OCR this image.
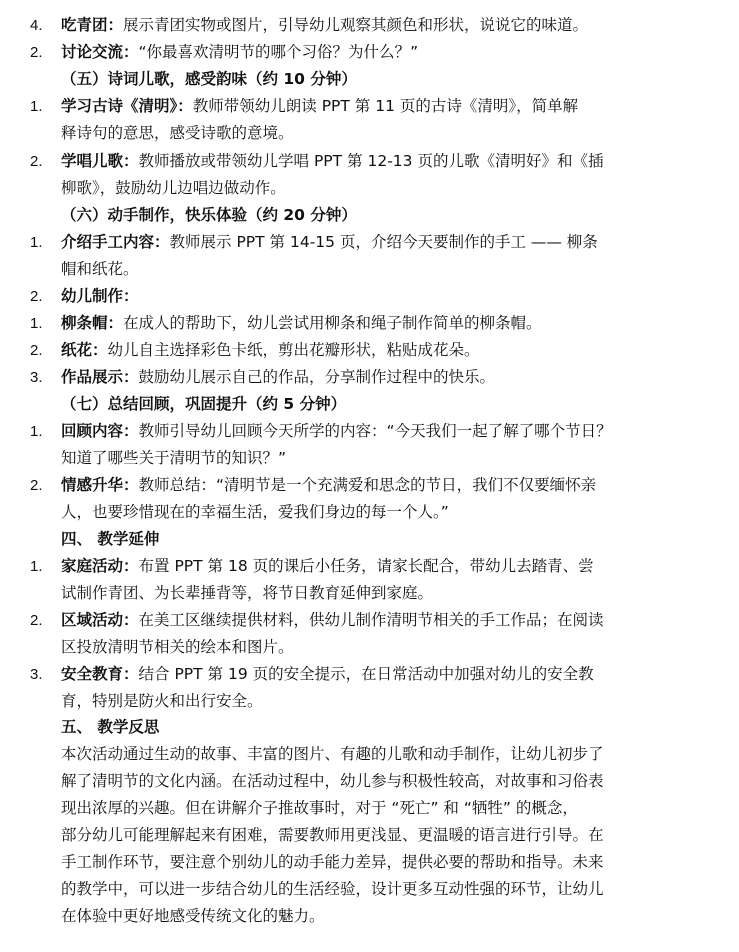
4.	吃青团：展示青团实物或图片，引导幼儿观察其颜色和形状，说说它的味道。
2.	讨论交流：“你最喜欢清明节的哪个习俗？为什么？”
（五）诗词儿歌，感受韵味（约 10 分钟）
1.	学习古诗《清明》：教师带领幼儿朗读 PPT 第 11 页的古诗《清明》，简单解
释诗句的意思，感受诗歌的意境。
2.	学唱儿歌：教师播放或带领幼儿学唱 PPT 第 12-13 页的儿歌《清明好》和《插
柳歌》，鼓励幼儿边唱边做动作。
（六）动手制作，快乐体验（约 20 分钟）
1.	介绍手工内容：教师展示 PPT 第 14-15 页，介绍今天要制作的手工 —— 柳条
帽和纸花。
2.	幼儿制作：
1.	柳条帽：在成人的帮助下，幼儿尝试用柳条和绳子制作简单的柳条帽。
2.	纸花：幼儿自主选择彩色卡纸，剪出花瓣形状，粘贴成花朵。
3.	作品展示：鼓励幼儿展示自己的作品，分享制作过程中的快乐。
（七）总结回顾，巩固提升（约 5 分钟）
1.	回顾内容：教师引导幼儿回顾今天所学的内容：“今天我们一起了解了哪个节日？
知道了哪些关于清明节的知识？”
2.	情感升华：教师总结：“清明节是一个充满爱和思念的节日，我们不仅要缅怀亲
人，也要珍惜现在的幸福生活，爱我们身边的每一个人。”
四、 教学延伸
1.	家庭活动：布置 PPT 第 18 页的课后小任务，请家长配合，带幼儿去踏青、尝
试制作青团、为长辈捶背等，将节日教育延伸到家庭。
2.	区域活动：在美工区继续提供材料，供幼儿制作清明节相关的手工作品；在阅读
区投放清明节相关的绘本和图片。
3.	安全教育：结合 PPT 第 19 页的安全提示，在日常活动中加强对幼儿的安全教
育，特别是防火和出行安全。
五、 教学反思
本次活动通过生动的故事、丰富的图片、有趣的儿歌和动手制作，让幼儿初步了
解了清明节的文化内涵。在活动过程中，幼儿参与积极性较高，对故事和习俗表
现出浓厚的兴趣。但在讲解介子推故事时，对于 “死亡” 和 “牺牲” 的概念，
部分幼儿可能理解起来有困难，需要教师用更浅显、更温暖的语言进行引导。在
手工制作环节，要注意个别幼儿的动手能力差异，提供必要的帮助和指导。未来
的教学中，可以进一步结合幼儿的生活经验，设计更多互动性强的环节，让幼儿
在体验中更好地感受传统文化的魅力。
